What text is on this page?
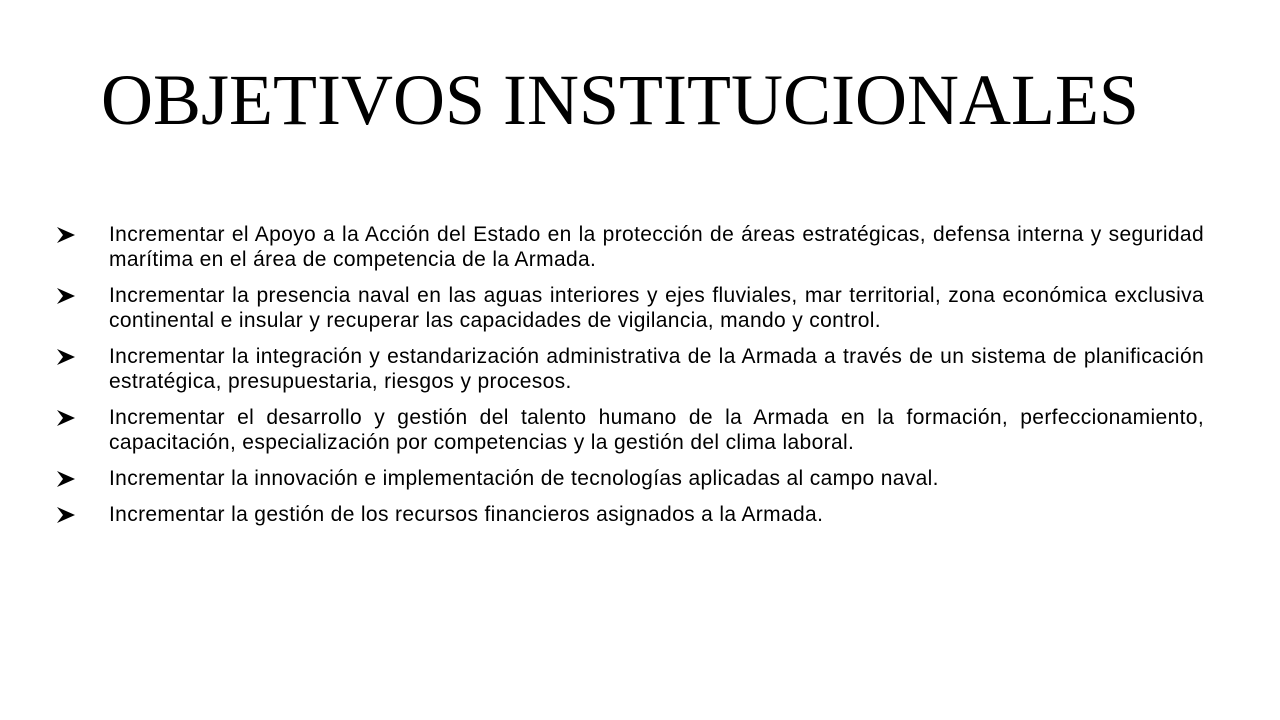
OBJETIVOS INSTITUCIONALES
Incrementar el Apoyo a la Acción del Estado en la protección de áreas estratégicas, defensa interna y seguridad marítima en el área de competencia de la Armada.
Incrementar la presencia naval en las aguas interiores y ejes fluviales, mar territorial, zona económica exclusiva continental e insular y recuperar las capacidades de vigilancia, mando y control.
Incrementar la integración y estandarización administrativa de la Armada a través de un sistema de planificación estratégica, presupuestaria, riesgos y procesos.
Incrementar el desarrollo y gestión del talento humano de la Armada en la formación, perfeccionamiento, capacitación, especialización por competencias y la gestión del clima laboral.
Incrementar la innovación e implementación de tecnologías aplicadas al campo naval.
Incrementar la gestión de los recursos financieros asignados a la Armada.
